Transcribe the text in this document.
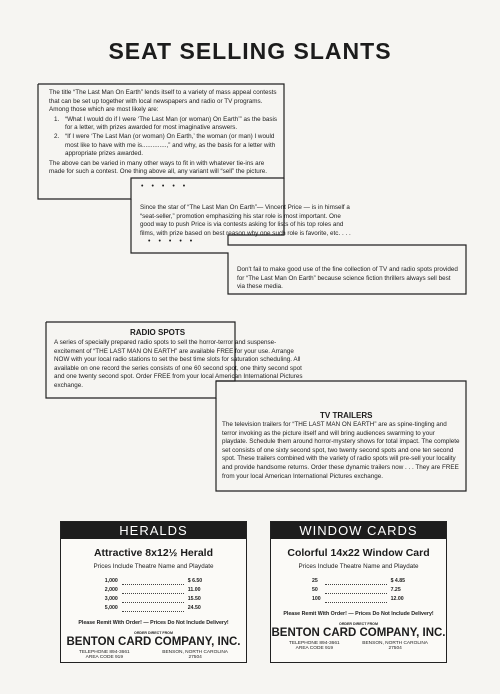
SEAT SELLING SLANTS

The title “The Last Man On Earth” lends itself to a variety of mass appeal contests that can be set up together with local newspapers and radio or TV programs. Among those which are most likely are:

1. “What I would do if I were ‘The Last Man (or woman) On Earth’” as the basis for a letter, with prizes awarded for most imaginative answers.
2. “If I were ‘The Last Man (or woman) On Earth,’ the woman (or man) I would most like to have with me is..............,” and why, as the basis for a letter with appropriate prizes awarded.

The above can be varied in many other ways to fit in with whatever tie-ins are made for such a contest. One thing above all, any variant will “sell” the picture.

•••••

Since the star of “The Last Man On Earth”— Vincent Price — is in himself a “seat-seller,” promotion emphasizing his star role is most important. One good way to push Price is via contests asking for lists of his top roles and films, with prize based on best reason why one such role is favorite, etc. . . .

•••••

Don't fail to make good use of the fine collection of TV and radio spots provided for “The Last Man On Earth” because science fiction thrillers always sell best via these media.

RADIO SPOTS

A series of specially prepared radio spots to sell the horror-terror and suspense-excitement of “THE LAST MAN ON EARTH” are available FREE for your use. Arrange NOW with your local radio stations to set the best time slots for saturation scheduling. All available on one record the series consists of one 60 second spot, one thirty second spot and one twenty second spot. Order FREE from your local American International Pictures exchange.

TV TRAILERS

The television trailers for “THE LAST MAN ON EARTH” are as spine-tingling and terror invoking as the picture itself and will bring audiences swarming to your playdate. Schedule them around horror-mystery shows for total impact. The complete set consists of one sixty second spot, two twenty second spots and one ten second spot. These trailers combined with the variety of radio spots will pre-sell your locality and provide handsome returns. Order these dynamic trailers now . . . They are FREE from your local American International Pictures exchange.

HERALDS

Attractive 8x12½ Herald

Prices Include Theatre Name and Playdate

1,000		$ 6.50
2,000		11.00
3,000		15.50
5,000		24.50

Please Remit With Order! — Prices Do Not Include Delivery!

ORDER DIRECT FROM

BENTON CARD COMPANY, INC.

TELEPHONE 894-3661
AREA CODE 919
BENSON, NORTH CAROLINA
27504

WINDOW CARDS

Colorful 14x22 Window Card

Prices Include Theatre Name and Playdate

25		$ 4.85
50		7.25
100		12.00

Please Remit With Order! — Prices Do Not Include Delivery!

ORDER DIRECT FROM

BENTON CARD COMPANY, INC.

TELEPHONE 894-3661
AREA CODE 919
BENSON, NORTH CAROLINA
27504
